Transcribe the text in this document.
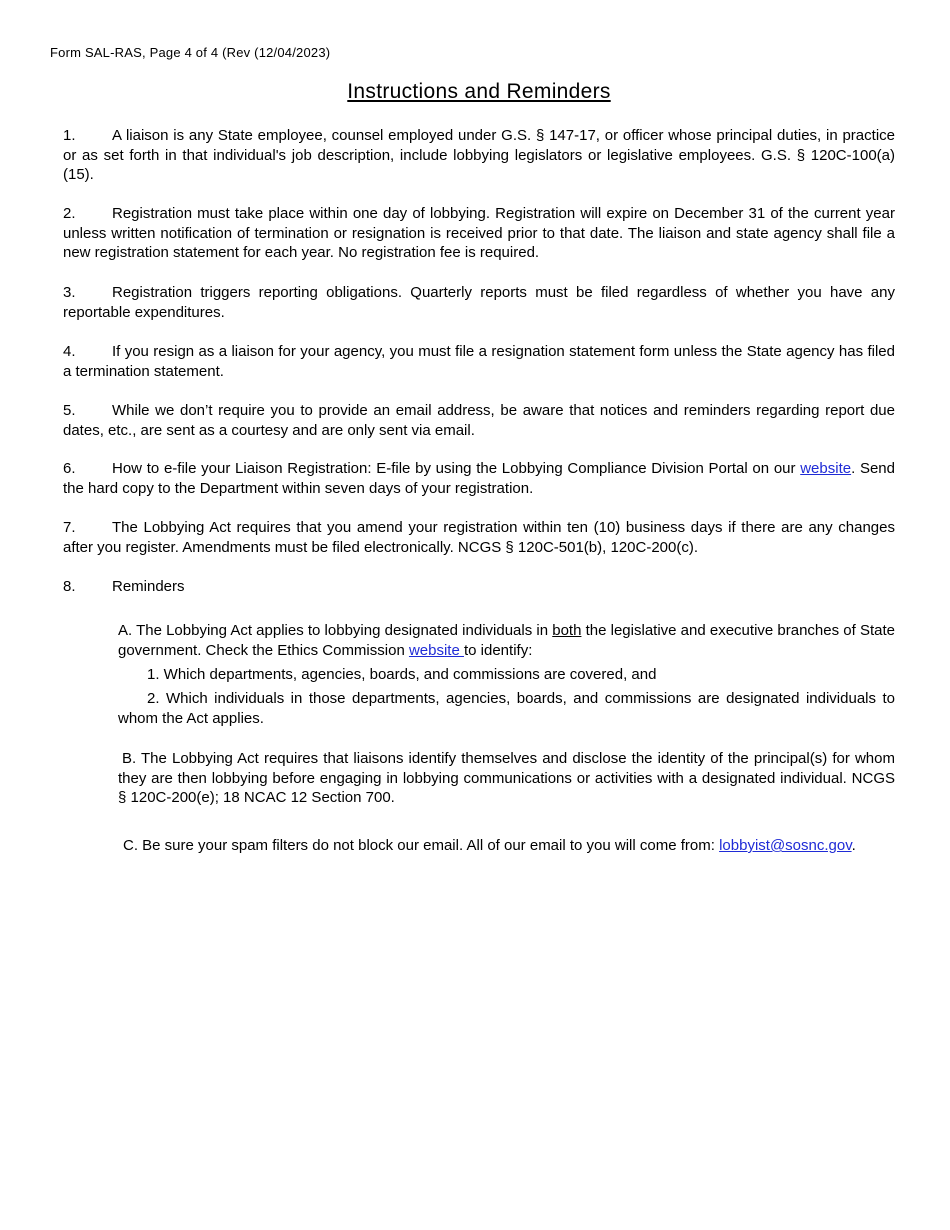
Form SAL-RAS, Page 4 of 4 (Rev (12/04/2023)
Instructions and Reminders
1. A liaison is any State employee, counsel employed under G.S. § 147-17, or officer whose principal duties, in practice or as set forth in that individual's job description, include lobbying legislators or legislative employees. G.S. § 120C-100(a)(15).
2. Registration must take place within one day of lobbying. Registration will expire on December 31 of the current year unless written notification of termination or resignation is received prior to that date. The liaison and state agency shall file a new registration statement for each year. No registration fee is required.
3. Registration triggers reporting obligations. Quarterly reports must be filed regardless of whether you have any reportable expenditures.
4. If you resign as a liaison for your agency, you must file a resignation statement form unless the State agency has filed a termination statement.
5. While we don’t require you to provide an email address, be aware that notices and reminders regarding report due dates, etc., are sent as a courtesy and are only sent via email.
6. How to e-file your Liaison Registration: E-file by using the Lobbying Compliance Division Portal on our website. Send the hard copy to the Department within seven days of your registration.
7. The Lobbying Act requires that you amend your registration within ten (10) business days if there are any changes after you register. Amendments must be filed electronically. NCGS § 120C-501(b), 120C-200(c).
8. Reminders
A. The Lobbying Act applies to lobbying designated individuals in both the legislative and executive branches of State government. Check the Ethics Commission website to identify:
1. Which departments, agencies, boards, and commissions are covered, and
2. Which individuals in those departments, agencies, boards, and commissions are designated individuals to whom the Act applies.
B. The Lobbying Act requires that liaisons identify themselves and disclose the identity of the principal(s) for whom they are then lobbying before engaging in lobbying communications or activities with a designated individual. NCGS § 120C-200(e); 18 NCAC 12 Section 700.
C. Be sure your spam filters do not block our email. All of our email to you will come from: lobbyist@sosnc.gov.
